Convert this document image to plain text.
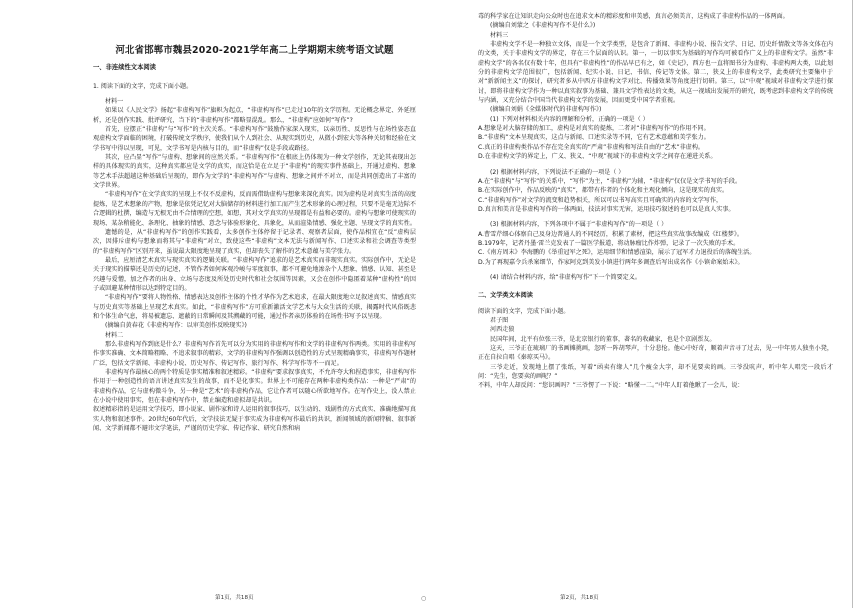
河北省邯郸市魏县2020-2021学年高二上学期期末统考语文试题
一、非连续性文本阅读

1. 阅读下面的文字，完成下面小题。

材料一

如果以《人民文学》扬起“非虚构写作”旗帜为起点，“非虚构写作”已走过10年的文学历程。无论概念界定、外延厘析，还是创作实践、批评研究，当下的“非虚构写作”都略显混乱。那么，“非虚构”应如何“写作”?

首先，应摆正“非虚构”与“写作”的主次关系。“非虚构写作”鼓励作家深入现实，以亲历性、反思性与在场性姿态直观虚构文学面临的困境，打破传统文学秩序，使我们从个人到社会、从现实到历史，从微小到宏大等各种关切和经验在文学书写中得以呈现，可见，文学书写是内核与目的，而“非虚构”仅是手段或路径。

其次，应凸显“写作”与虚构、想象间的应然关系。“非虚构写作”在根底上仍体现为一种文学创作，无论其表现出怎样的具体现实的真实，这种真实都应是文学的真实，而这恰是在立足于“非虚构”的现实事件基础上，开通过虚构、想象等艺术手法超越这种基础后呈现的，即作为文学的“非虚构写作”与虚构、想象之间并不对立，而是共同创造出了丰富的文学世界。

“非虚构写作”在文学真实的呈现上不仅不反虚构，反而需借助虚构与想象来深化真实。因为虚构是对真实生活的高度提炼，是艺术想象的产物，想象是依凭记忆对大脑储存的材料进行加工而产生艺术形象的心理过程，只要不是毫无边际不合逻辑的杜撰，编造与无根无由不合情理的空想，如想，其对文学真实的呈现都是有益和必要的。虚构与想象可使现实的现场、某杂稍能化、条理化、抽象的情感、意念与体验形象化、具象化，从而渲染情感、强化主题、呈现文学的真实性。

遗憾的是，从“非虚构写作”的创作实践看，太多创作主体停留于记录者、观察者层面，使作品相宜在“反”虚构层次，因排斥虚构与想象而将其与“非虚构”对立，致使这些“非虚构”文本无法与新闻写作、口述实录和社会调查等类型的“非虚构写作”区别开来，虽说最大限度地呈现了真实，但却丧失了解作的艺术意蕴与美学张力。

最后，应厘清艺术真实与现实真实的逻辑关联。“非虚构写作”追求的是艺术真实而非现实真实。实际创作中，无论是关于现实的描摹还是历史的记述，不管作者如何客观冷峻与零度叙事，都不可避免地渗杂个人想象、情感、认知、甚至是兴趣与爱憎，加之作者的出身、立场与态度及所处历史时代和社会氛围等因素，又会在创作中隐匿着某种“虚构性”的因子或回避某种情形以达到特定目的。

“非虚构写作”要将人物性格、情感表达及创作主体的个性才华作为艺术追求，在最大限度地立足叙述真实、情感真实与历史真实等基础上呈现艺术真实。如此，“非虚构写作”方可重新激活文学艺术与大众生活的关联，揭露时代风俗既悲和个体生命气息，将易被遗忘、遮蔽的日常瞬间及其溯藏的可能，通过作者亲历体验的在场性书写予以呈现。

(摘编自黄春花《非虚构写作：以审美创作反映现实》)

材料二

那么非虚构写作到底是什么？非虚构写作首先可以分为实用的非虚构写作和文学的非虚构写作两类。实用的非虚构写作事实准确、文本简略粗略、不追求叙事的精彩，文学的非虚构写作强调以创造性的方式呈现精确事实，非虚构写作题材广泛，包括文学新闻、非虚构小说、历史写作、传记写作、旅行写作、科学写作等不一而足。

非虚构写作最核心的两个特质是事实精准和叙述精彩。“非虚构”要求叙事真实，不允许夸大和捏造事实，非虚构写作作用于一种创造性的语言讲述真实发生的故事，而不是化事实。世界上不可能存在两种非虚构类作品：一种是“严肃”的非虚构作品，它与虚构微斗争，另一种是“艺术”的非虚构作品，它让作者可以随心所欲地写作。在写作史上，没人禁止在小说中使用事实，但在非虚构写作中，禁止编造和虚拟却是共识。

叙述精彩指的是运用文学技巧，即小说家、剧作家和诗人运用的叙事技巧，以生动的、戏剧性的方式真实、准确地描写真实人物和叙述事件。20世纪60年代后，文学技法无疑于事实成为非虚构写作最后的共识，新闻领域的新闻特稿、叙事新闻、文学新闻都不避讳文学笔法，严谨的历史学家、传记作家、研究自然和病

毒的科学家在让知识走向公众时也在追求文本的精彩度和审美感，真言必须美言，这构成了非虚构作品的一体两面。

(摘编自刘蒙之《非虚构写作不是什么》)

材料三

非虚构文学不是一种独立文体，而是一个文学类型，是包含了新闻、非虚构小说、报告文学、日记、历史纤情散文等各文体在内的文类，关于非虚构文学的界定，存在三个层面的认识。第一，一切以事实为基础的写作均可被看作广义上的非虚构文学。虽然“非虚构文学”的各名仅有数十年，但具有“非虚构性”的作品早已有之，如《史记》，西方也一直将图书分为虚构、非虚构两大类，以此划分的非虚构文学范围很广，包括新闻、纪实小说、日记、书信、传记等文体。第二，狭义上的非虚构文学，此类研究主要集中于对“新新闻主义”的探讨，研究者多从中西方非虚构文学对比、传播效果等角度进行切研。第三，以“中观”视域对非虚构文学进行探讨，即将非虚构文学作为一种以真实叙事为基础、兼具文学性表达的文类，从这一视域出发展开的研究，既考虑到非虚构文学的传统与内涵，又充分结合中国当代非虚构文学的发展，因而更受中国学者重视。

(摘编自刘娟《全媒体时代的非虚构写作》)

(1) 下列对材料相关内容的理解和分析，正确的一项是（ ）

A.想象是对大脑存储的加工，虚构是对真实的提炼，二者对“非虚构写作”的作用不同。

B.“非虚构”文本呈现真实，这点与新闻、口述实录等不同，它有艺术意蕴和美学张力。

C.真正的非虚构类作品不存在完全真实的“严肃”非虚构和写法自由的“艺术”非虚构。

D.在非虚构文学的界定上，广义、狭义、“中观”视域下的非虚构文学之间存在递进关系。

(2) 根据材料内容，下列说法不正确的一项是（ ）

A.在“非虚构”与“写作”的关系中，“写作”为主，“非虚构”为辅，“非虚构”仅仅是文学书写的手段。

B.在实际创作中，作品反映的“真实”，都带有作者的个体化和主观化倾向，这是现实的真实。

C.“非虚构写作”对文学的流变和趋势相关，所以可以书写高实且可确实的内容的文学写作，

D.真言和美言是非虚构写作的一体两面，技法对事实无害，运用技巧叙述的也可以是真人实事。

(3) 根据材料内容，下列各项中不属于“非虚构写作”的一项是（ ）

A.曹雪芹细心体察自己及身边普通人的不同经历，积累了素材，把这些真实故事改编成《红楼梦》。

B.1979年，记者丹墨·雷兰克发表了一篇医学报道，将动脉瘤比作炸弹，记录了一次失败的手术。

C.《南方周末》李海鹏的《举重冠军之死》，运用细节和情感渲染，展示了冠军才力退役后的落魄生活。

D.为了再现嘉令兵杀案细节，作家阿克到美发小镇进行两年多调查后写出成名作《小镇命案始末》。

(4) 请结合材料内容，给“非虚构写作”下一个简要定义。

二、文学类文本阅读

阅读下面的文字，完成下面小题。

君子图

河西走狼

民国年间，北平有位张三爷，是北京银行的董事，著名的收藏家，也是个京剧票友。

这天，三爷正在琉璃厂的书画摊挑画，忽听一阵胡琴声，十分悲怆。他心中好奇，顺着声音寻了过去，见一中年男人独坐小凳，正在自拉自唱《秦琼买马》。

三爷走近，发现地上摆了张纸，写着“函卖有缘人”几个瘦金大字，却不见要卖的画。三爷没吭声，听中年人唱完一段后才问：“先生，您要卖的画呢？”

不料，中年人却反问：“您识画吗？”三爷愣了一下说：“略懂一二。”中年人盯着他瞅了一会儿，说：

第1页，共18页	○	第2页，共18页
